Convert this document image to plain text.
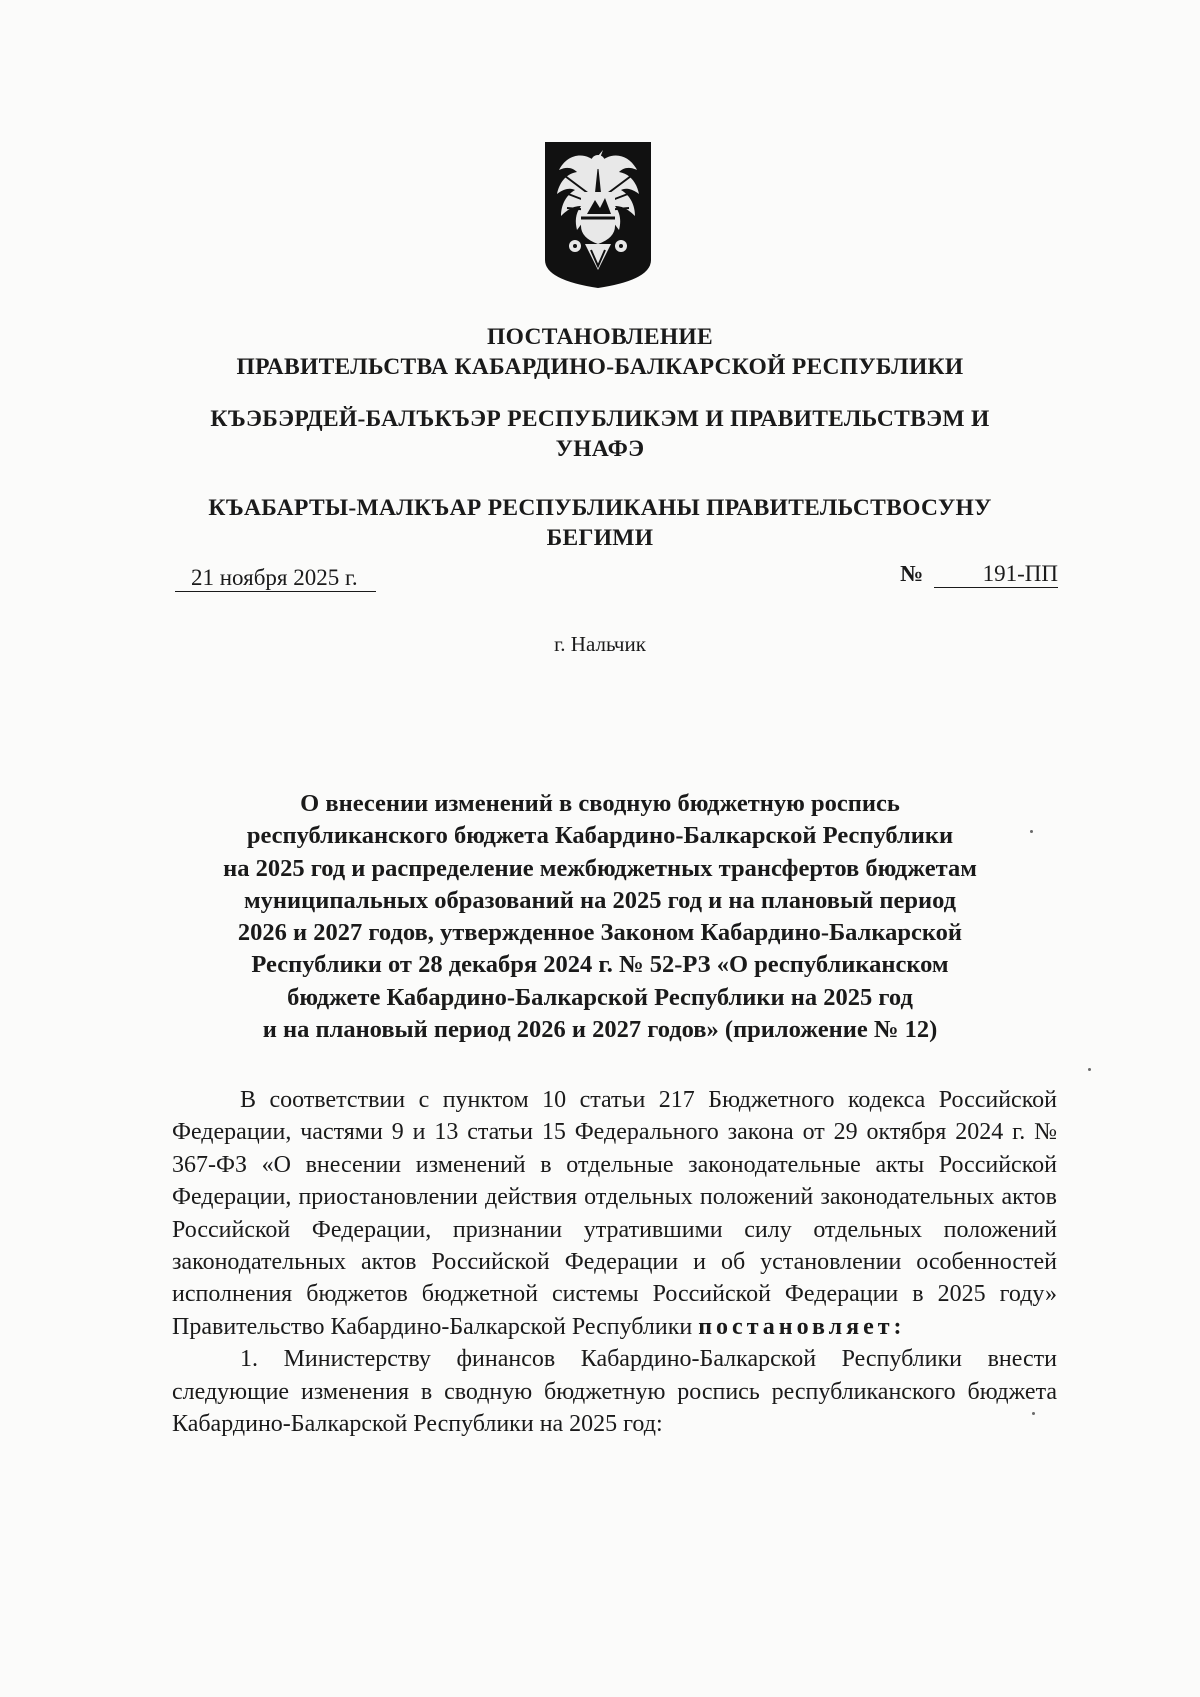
ПОСТАНОВЛЕНИЕ
ПРАВИТЕЛЬСТВА КАБАРДИНО-БАЛКАРСКОЙ РЕСПУБЛИКИ
КЪЭБЭРДЕЙ-БАЛЪКЪЭР РЕСПУБЛИКЭМ И ПРАВИТЕЛЬСТВЭМ И
УНАФЭ
КЪАБАРТЫ-МАЛКЪАР РЕСПУБЛИКАНЫ ПРАВИТЕЛЬСТВОСУНУ
БЕГИМИ
21 ноября 2025 г.	№	191-ПП
г. Нальчик
О внесении изменений в сводную бюджетную роспись
республиканского бюджета Кабардино-Балкарской Республики
на 2025 год и распределение межбюджетных трансфертов бюджетам
муниципальных образований на 2025 год и на плановый период
2026 и 2027 годов, утвержденное Законом Кабардино-Балкарской
Республики от 28 декабря 2024 г. № 52-РЗ «О республиканском
бюджете Кабардино-Балкарской Республики на 2025 год
и на плановый период 2026 и 2027 годов» (приложение № 12)

В соответствии с пунктом 10 статьи 217 Бюджетного кодекса Российской Федерации, частями 9 и 13 статьи 15 Федерального закона от 29 октября 2024 г. № 367-ФЗ «О внесении изменений в отдельные законодательные акты Российской Федерации, приостановлении действия отдельных положений законодательных актов Российской Федерации, признании утратившими силу отдельных положений законодательных актов Российской Федерации и об установлении особенностей исполнения бюджетов бюджетной системы Российской Федерации в 2025 году» Правительство Кабардино-Балкарской Республики постановляет:

1. Министерству финансов Кабардино-Балкарской Республики внести следующие изменения в сводную бюджетную роспись республиканского бюджета Кабардино-Балкарской Республики на 2025 год:
